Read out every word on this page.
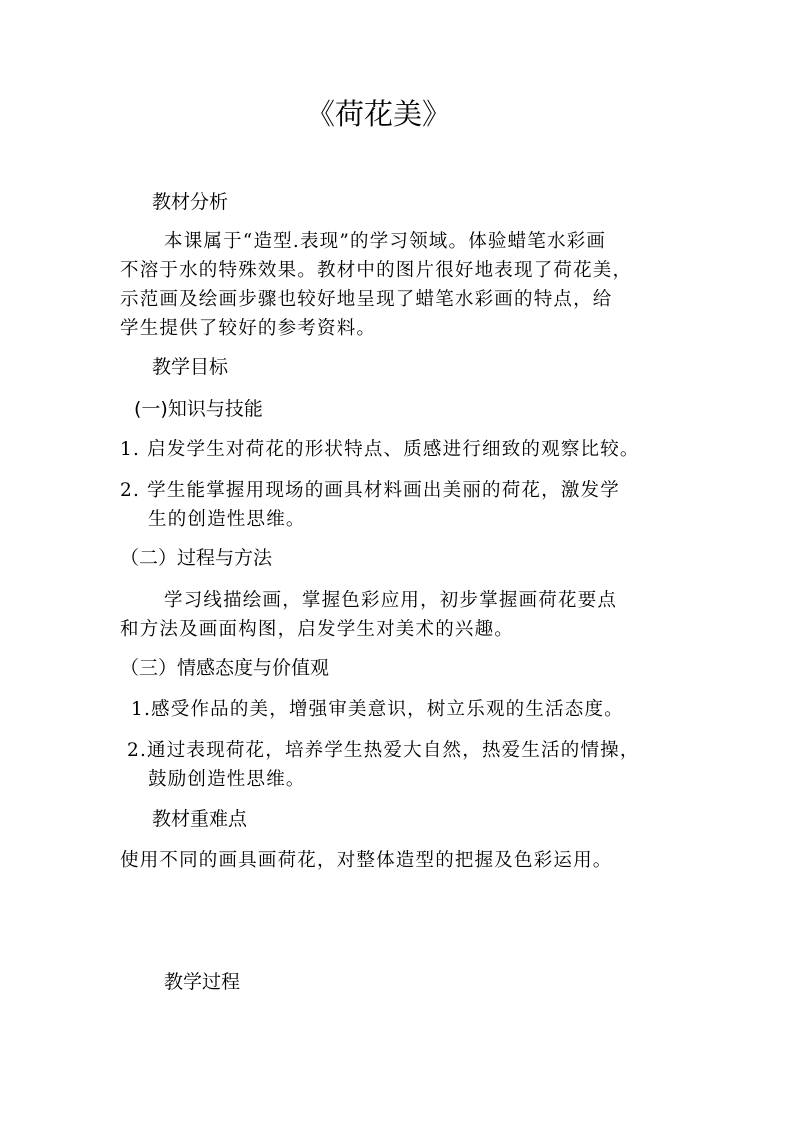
《荷花美》
教材分析
本课属于“造型.表现”的学习领域。体验蜡笔水彩画
不溶于水的特殊效果。教材中的图片很好地表现了荷花美，
示范画及绘画步骤也较好地呈现了蜡笔水彩画的特点，给
学生提供了较好的参考资料。
教学目标
(一)知识与技能
1. 启发学生对荷花的形状特点、质感进行细致的观察比较。
2. 学生能掌握用现场的画具材料画出美丽的荷花，激发学
生的创造性思维。
（二）过程与方法
学习线描绘画，掌握色彩应用，初步掌握画荷花要点
和方法及画面构图，启发学生对美术的兴趣。
（三）情感态度与价值观
1.感受作品的美，增强审美意识，树立乐观的生活态度。
2.通过表现荷花，培养学生热爱大自然，热爱生活的情操，
鼓励创造性思维。
教材重难点
使用不同的画具画荷花，对整体造型的把握及色彩运用。
教学过程
